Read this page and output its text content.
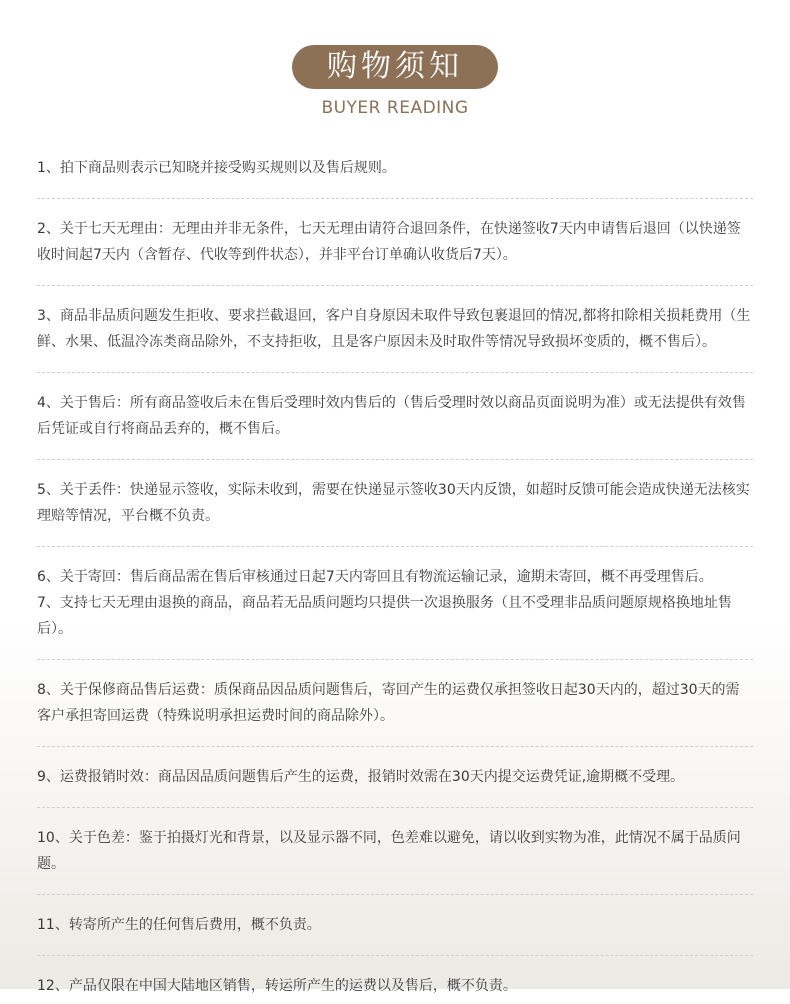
购物须知
BUYER READING

1、拍下商品则表示已知晓并接受购买规则以及售后规则。

2、关于七天无理由：无理由并非无条件，七天无理由请符合退回条件，在快递签收7天内申请售后退回（以快递签收时间起7天内（含暂存、代收等到件状态），并非平台订单确认收货后7天）。

3、商品非品质问题发生拒收、要求拦截退回，客户自身原因未取件导致包裹退回的情况,都将扣除相关损耗费用（生鲜、水果、低温冷冻类商品除外，不支持拒收，且是客户原因未及时取件等情况导致损坏变质的，概不售后）。

4、关于售后：所有商品签收后未在售后受理时效内售后的（售后受理时效以商品页面说明为准）或无法提供有效售后凭证或自行将商品丢弃的，概不售后。

5、关于丢件：快递显示签收，实际未收到，需要在快递显示签收30天内反馈，如超时反馈可能会造成快递无法核实理赔等情况，平台概不负责。

6、关于寄回：售后商品需在售后审核通过日起7天内寄回且有物流运输记录，逾期未寄回，概不再受理售后。

7、支持七天无理由退换的商品，商品若无品质问题均只提供一次退换服务（且不受理非品质问题原规格换地址售后）。

8、关于保修商品售后运费：质保商品因品质问题售后，寄回产生的运费仅承担签收日起30天内的，超过30天的需客户承担寄回运费（特殊说明承担运费时间的商品除外）。

9、运费报销时效：商品因品质问题售后产生的运费，报销时效需在30天内提交运费凭证,逾期概不受理。

10、关于色差：鉴于拍摄灯光和背景，以及显示器不同，色差难以避免，请以收到实物为准，此情况不属于品质问题。

11、转寄所产生的任何售后费用，概不负责。

12、产品仅限在中国大陆地区销售，转运所产生的运费以及售后，概不负责。
